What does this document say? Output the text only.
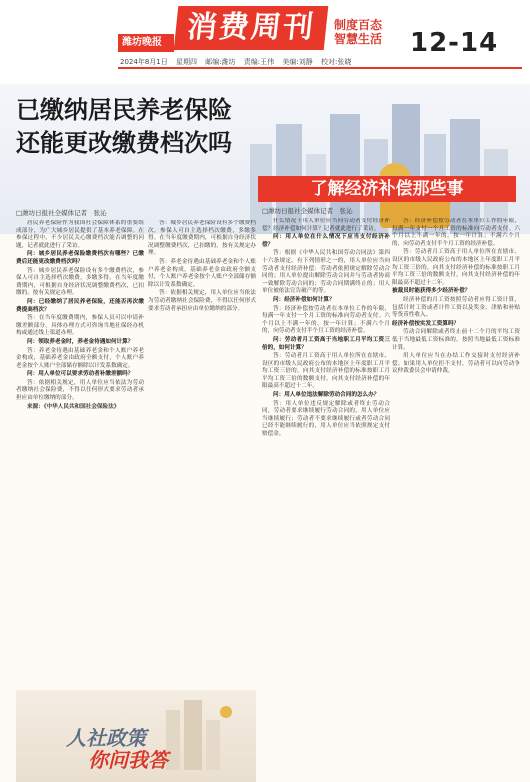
潍坊晚报 消费周刊	制度百态 智慧生活	12-14
2024年8月1日 星期四 邮编:潍坊 责编:王伟 美编:刘静 校对:张晓
已缴纳居民养老保险
还能更改缴费档次吗
了解经济补偿那些事
□潍坊日报社全媒体记者　张沁	□潍坊日报社全媒体记者　张沁

居民养老保险作为我国社会保障体系的重要组成部分，为广大城乡居民提供了基本养老保障。在参保过程中，不少居民关心缴费档次能否调整的问题，记者就此进行了采访。

问：城乡居民养老保险缴费档次有哪些？已缴费后还能更改缴费档次吗？

答：城乡居民养老保险设有多个缴费档次，参保人可自主选择档次缴费，多缴多得。在当年度缴费期内，可根据自身经济状况调整缴费档次，已扣缴的，按有关规定办理。

问：已经缴纳了居民养老保险，还能否再次缴费提高档次？

答：在当年度缴费期内，参保人员可以申请补缴差额部分，具体办理方式可咨询当地社保经办机构或通过线上渠道办理。

问：领取养老金时，养老金待遇如何计算？

答：养老金待遇由基础养老金和个人账户养老金构成，基础养老金由政府全额支付，个人账户养老金按个人账户全部储存额除以计发系数确定。

问：用人单位可以要求劳动者补缴差额吗？

答：依据相关规定，用人单位应当依法为劳动者缴纳社会保险费，不得以任何形式要求劳动者承担应由单位缴纳的部分。

来源：《中华人民共和国社会保险法》

答：城乡居民养老保险设有多个缴费档次，参保人可自主选择档次缴费，多缴多得。在当年度缴费期内，可根据自身经济状况调整缴费档次，已扣缴的，按有关规定办理。

答：养老金待遇由基础养老金和个人账户养老金构成，基础养老金由政府全额支付，个人账户养老金按个人账户全部储存额除以计发系数确定。

答：依据相关规定，用人单位应当依法为劳动者缴纳社会保险费，不得以任何形式要求劳动者承担应由单位缴纳的部分。

什么情况下用人单位应当向劳动者支付经济补偿？经济补偿如何计算？记者就此进行了采访。

问：用人单位在什么情况下应当支付经济补偿？

答：根据《中华人民共和国劳动合同法》第四十六条规定，有下列情形之一的，用人单位应当向劳动者支付经济补偿：劳动者依照规定解除劳动合同的；用人单位提出解除劳动合同并与劳动者协商一致解除劳动合同的；劳动合同期满终止的；用人单位被依法宣告破产的等。

问：经济补偿如何计算？

答：经济补偿按劳动者在本单位工作的年限，每满一年支付一个月工资的标准向劳动者支付。六个月以上不满一年的，按一年计算；不满六个月的，向劳动者支付半个月工资的经济补偿。

问：劳动者月工资高于当地职工月平均工资三倍的，如何计算？

答：劳动者月工资高于用人单位所在直辖市、设区的市级人民政府公布的本地区上年度职工月平均工资三倍的，向其支付经济补偿的标准按职工月平均工资三倍的数额支付，向其支付经济补偿的年限最高不超过十二年。

问：用人单位违法解除劳动合同的怎么办？

答：用人单位违反规定解除或者终止劳动合同，劳动者要求继续履行劳动合同的，用人单位应当继续履行；劳动者不要求继续履行或者劳动合同已经不能继续履行的，用人单位应当依照规定支付赔偿金。

答：经济补偿按劳动者在本单位工作的年限，每满一年支付一个月工资的标准向劳动者支付。六个月以上不满一年的，按一年计算；不满六个月的，向劳动者支付半个月工资的经济补偿。

答：劳动者月工资高于用人单位所在直辖市、设区的市级人民政府公布的本地区上年度职工月平均工资三倍的，向其支付经济补偿的标准按职工月平均工资三倍的数额支付，向其支付经济补偿的年限最高不超过十二年。

被裁员时能获得多少经济补偿？

经济补偿的月工资按照劳动者应得工资计算，包括计时工资或者计件工资以及奖金、津贴和补贴等货币性收入。

经济补偿按实发工资算吗？

劳动合同解除或者终止前十二个月的平均工资低于当地最低工资标准的，按照当地最低工资标准计算。

用人单位应当在办结工作交接时支付经济补偿。如果用人单位拒不支付，劳动者可以向劳动争议仲裁委员会申请仲裁。

人社政策
你问我答
